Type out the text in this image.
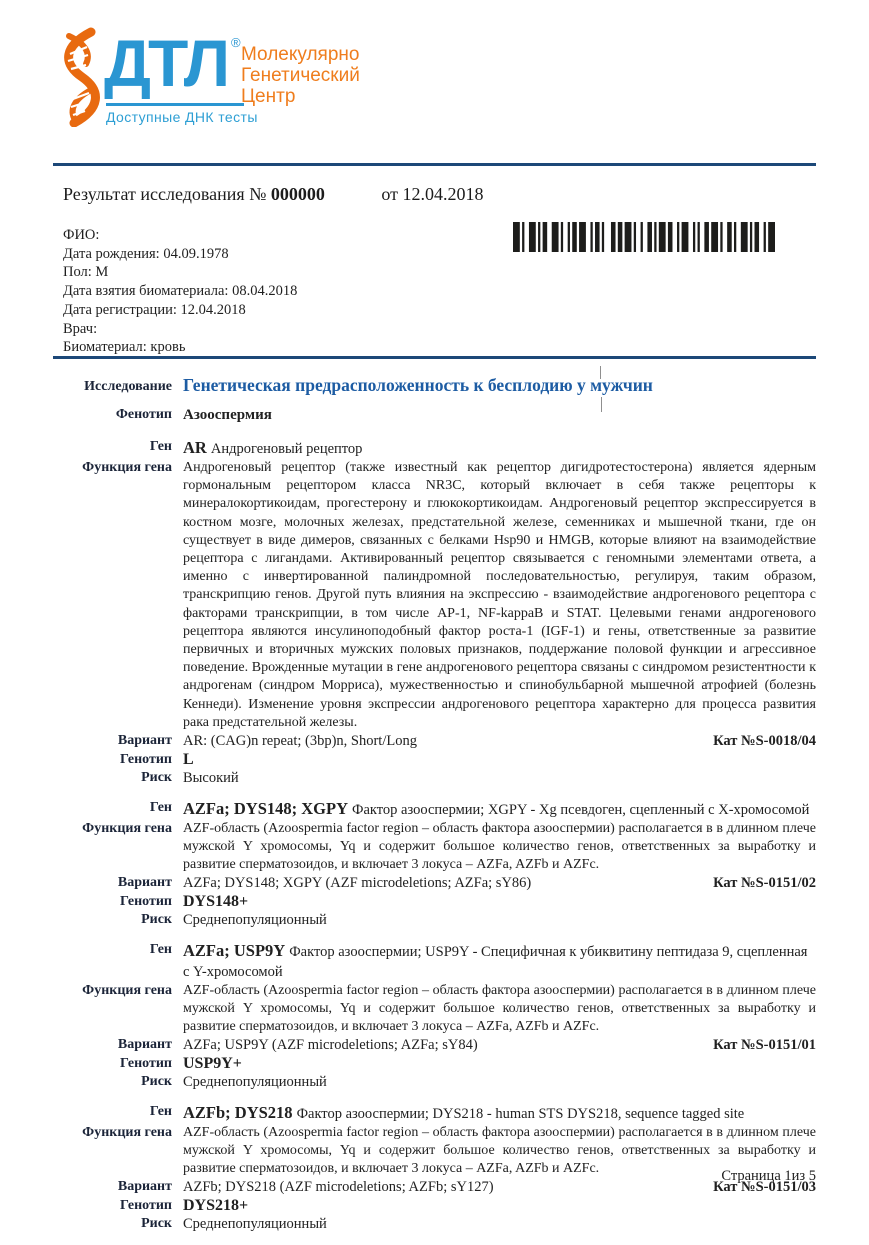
ДТЛ ®
Молекулярно
Генетический
Центр
Доступные ДНК тесты
Результат исследования № 000000	от 12.04.2018
ФИО:
Дата рождения: 04.09.1978
Пол: М
Дата взятия биоматериала: 08.04.2018
Дата регистрации: 12.04.2018
Врач:
Биоматериал: кровь
Исследование Генетическая предрасположенность к бесплодию у мужчин
Фенотип Азооспермия
Ген AR Андрогеновый рецептор
Функция гена Андрогеновый рецептор (также известный как рецептор дигидротестостерона) является ядерным гормональным рецептором класса NR3C, который включает в себя также рецепторы к минералокортикоидам, прогестерону и глюкокортикоидам. Андрогеновый рецептор экспрессируется в костном мозге, молочных железах, предстательной железе, семенниках и мышечной ткани, где он существует в виде димеров, связанных с белками Hsp90 и HMGB, которые влияют на взаимодействие рецептора с лигандами. Активированный рецептор связывается с геномными элементами ответа, а именно с инвертированной палиндромной последовательностью, регулируя, таким образом, транскрипцию генов. Другой путь влияния на экспрессию - взаимодействие андрогенового рецептора с факторами транскрипции, в том числе AP-1, NF-kappaB и STAT. Целевыми генами андрогенового рецептора являются инсулиноподобный фактор роста-1 (IGF-1) и гены, ответственные за развитие первичных и вторичных мужских половых признаков, поддержание половой функции и агрессивное поведение. Врожденные мутации в гене андрогенового рецептора связаны с синдромом резистентности к андрогенам (синдром Морриса), мужественностью и спинобульбарной мышечной атрофией (болезнь Кеннеди). Изменение уровня экспрессии андрогенового рецептора характерно для процесса развития рака предстательной железы.
Вариант AR: (CAG)n repeat; (3bp)n, Short/Long	Кат №S-0018/04
Генотип L
Риск Высокий
Ген AZFa; DYS148; XGPY Фактор азооспермии; XGPY - Xg псевдоген, сцепленный с X-хромосомой
Функция гена AZF-область (Azoospermia factor region – область фактора азооспермии) располагается в в длинном плече мужской Y хромосомы, Yq и содержит большое количество генов, ответственных за выработку и развитие сперматозоидов, и включает 3 локуса – AZFa, AZFb и AZFc.
Вариант AZFa; DYS148; XGPY (AZF microdeletions; AZFa; sY86)	Кат №S-0151/02
Генотип DYS148+
Риск Среднепопуляционный
Ген AZFa; USP9Y Фактор азооспермии; USP9Y - Специфичная к убиквитину пептидаза 9, сцепленная с Y-хромосомой
Функция гена AZF-область (Azoospermia factor region – область фактора азооспермии) располагается в в длинном плече мужской Y хромосомы, Yq и содержит большое количество генов, ответственных за выработку и развитие сперматозоидов, и включает 3 локуса – AZFa, AZFb и AZFc.
Вариант AZFa; USP9Y (AZF microdeletions; AZFa; sY84)	Кат №S-0151/01
Генотип USP9Y+
Риск Среднепопуляционный
Ген AZFb; DYS218 Фактор азооспермии; DYS218 - human STS DYS218, sequence tagged site
Функция гена AZF-область (Azoospermia factor region – область фактора азооспермии) располагается в в длинном плече мужской Y хромосомы, Yq и содержит большое количество генов, ответственных за выработку и развитие сперматозоидов, и включает 3 локуса – AZFa, AZFb и AZFc.
Вариант AZFb; DYS218 (AZF microdeletions; AZFb; sY127)	Кат №S-0151/03
Генотип DYS218+
Риск Среднепопуляционный
Страница 1из 5
